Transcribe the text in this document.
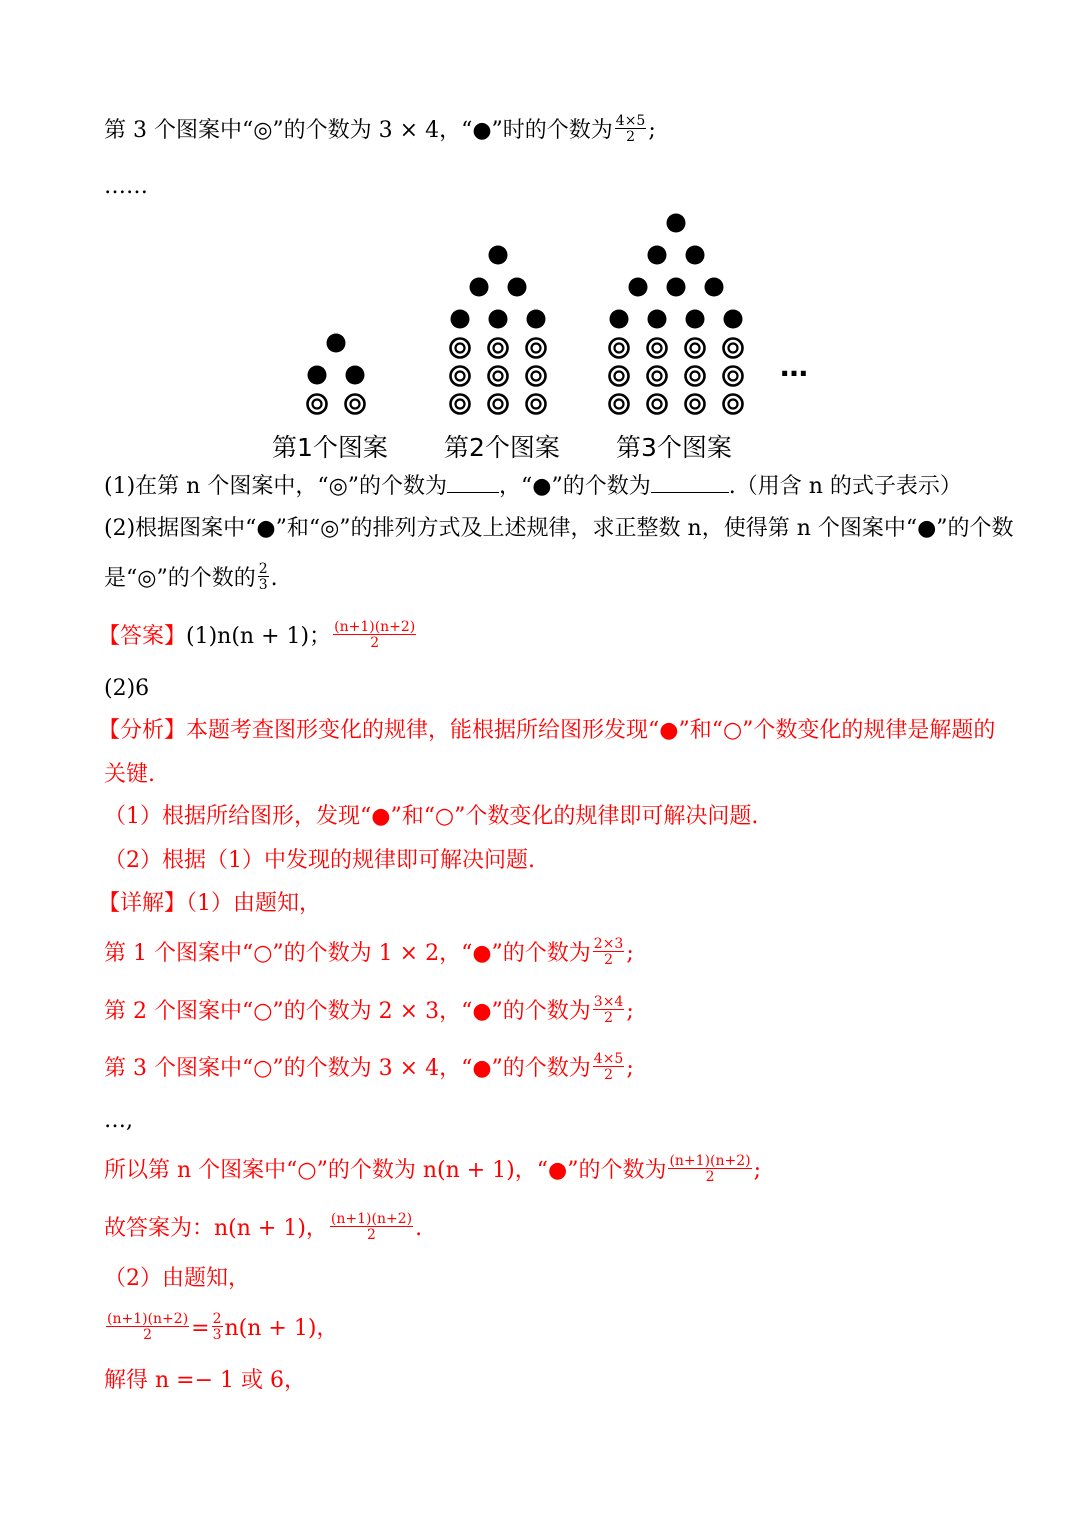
第 3 个图案中“◎”的个数为 3 × 4，“●”时的个数为 $\frac{4\times 5}{2}$ ;
……
…
第1个图案 第2个图案 第3个图案
(1)在第 n 个图案中，“◎”的个数为 ，“●”的个数为	.（用含 n 的式子表示）
(2)根据图案中“●”和“◎”的排列方式及上述规律，求正整数 n，使得第 n 个图案中“●”的个数
是“◎”的个数的 $\frac{2}{3}$ .
【答案】(1)n(n + 1)； $\frac{(n+1)(n+2)}{2}$
(2)6
【分析】本题考查图形变化的规律，能根据所给图形发现“●”和“○”个数变化的规律是解题的
关键.
（1）根据所给图形，发现“●”和“○”个数变化的规律即可解决问题.
（2）根据（1）中发现的规律即可解决问题.
【详解】（1）由题知，
第 1 个图案中“○”的个数为 1 × 2，“●”的个数为 $\frac{2\times 3}{2}$ ;
第 2 个图案中“○”的个数为 2 × 3，“●”的个数为 $\frac{3\times 4}{2}$ ;
第 3 个图案中“○”的个数为 3 × 4，“●”的个数为 $\frac{4\times 5}{2}$ ;
…,
所以第 n 个图案中“○”的个数为 n(n + 1)，“●”的个数为 $\frac{(n+1)(n+2)}{2}$ ;
故答案为：n(n + 1)， $\frac{(n+1)(n+2)}{2}$ .
（2）由题知，
$\frac{(n+1)(n+2)}{2} = \frac{2}{3} n(n + 1)$，
解得 n =− 1 或 6，
